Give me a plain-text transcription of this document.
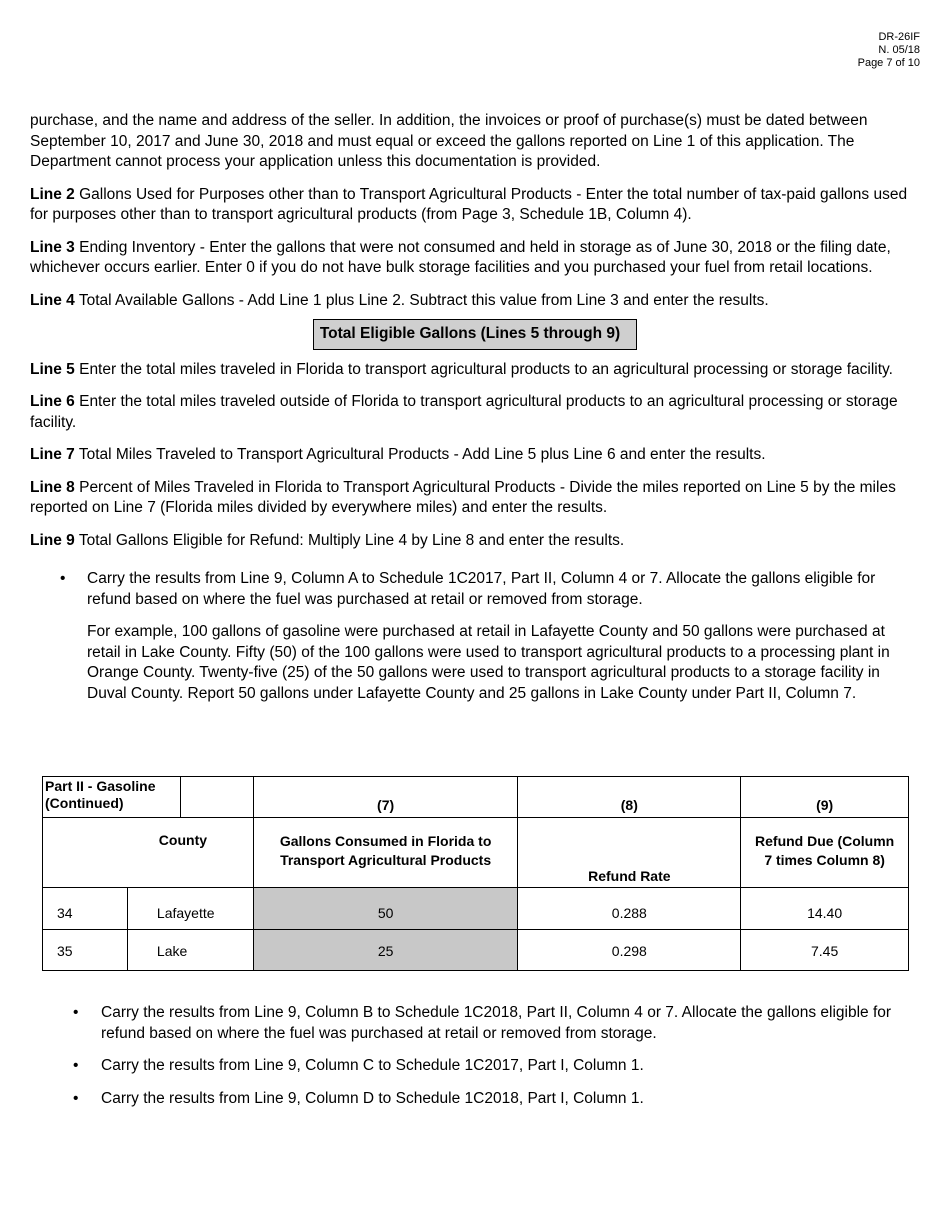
DR-26IF
N. 05/18
Page 7 of 10

purchase, and the name and address of the seller. In addition, the invoices or proof of purchase(s) must be dated between September 10, 2017 and June 30, 2018 and must equal or exceed the gallons reported on Line 1 of this application. The Department cannot process your application unless this documentation is provided.

Line 2 Gallons Used for Purposes other than to Transport Agricultural Products - Enter the total number of tax-paid gallons used for purposes other than to transport agricultural products (from Page 3, Schedule 1B, Column 4).

Line 3 Ending Inventory - Enter the gallons that were not consumed and held in storage as of June 30, 2018 or the filing date, whichever occurs earlier. Enter 0 if you do not have bulk storage facilities and you purchased your fuel from retail locations.

Line 4 Total Available Gallons - Add Line 1 plus Line 2. Subtract this value from Line 3 and enter the results.

Total Eligible Gallons (Lines 5 through 9)

Line 5 Enter the total miles traveled in Florida to transport agricultural products to an agricultural processing or storage facility.

Line 6 Enter the total miles traveled outside of Florida to transport agricultural products to an agricultural processing or storage facility.

Line 7 Total Miles Traveled to Transport Agricultural Products - Add Line 5 plus Line 6 and enter the results.

Line 8 Percent of Miles Traveled in Florida to Transport Agricultural Products - Divide the miles reported on Line 5 by the miles reported on Line 7 (Florida miles divided by everywhere miles) and enter the results.

Line 9 Total Gallons Eligible for Refund: Multiply Line 4 by Line 8 and enter the results.

• Carry the results from Line 9, Column A to Schedule 1C2017, Part II, Column 4 or 7. Allocate the gallons eligible for refund based on where the fuel was purchased at retail or removed from storage.

For example, 100 gallons of gasoline were purchased at retail in Lafayette County and 50 gallons were purchased at retail in Lake County. Fifty (50) of the 100 gallons were used to transport agricultural products to a processing plant in Orange County. Twenty-five (25) of the 50 gallons were used to transport agricultural products to a storage facility in Duval County. Report 50 gallons under Lafayette County and 25 gallons in Lake County under Part II, Column 7.

Part II - Gasoline (Continued)			(7)	(8)	(9)
County			Gallons Consumed in Florida to Transport Agricultural Products	Refund Rate	Refund Due (Column 7 times Column 8)
34	Lafayette		50	0.288	14.40
35	Lake		25	0.298	7.45
• Carry the results from Line 9, Column B to Schedule 1C2018, Part II, Column 4 or 7. Allocate the gallons eligible for refund based on where the fuel was purchased at retail or removed from storage.
• Carry the results from Line 9, Column C to Schedule 1C2017, Part I, Column 1.
• Carry the results from Line 9, Column D to Schedule 1C2018, Part I, Column 1.
